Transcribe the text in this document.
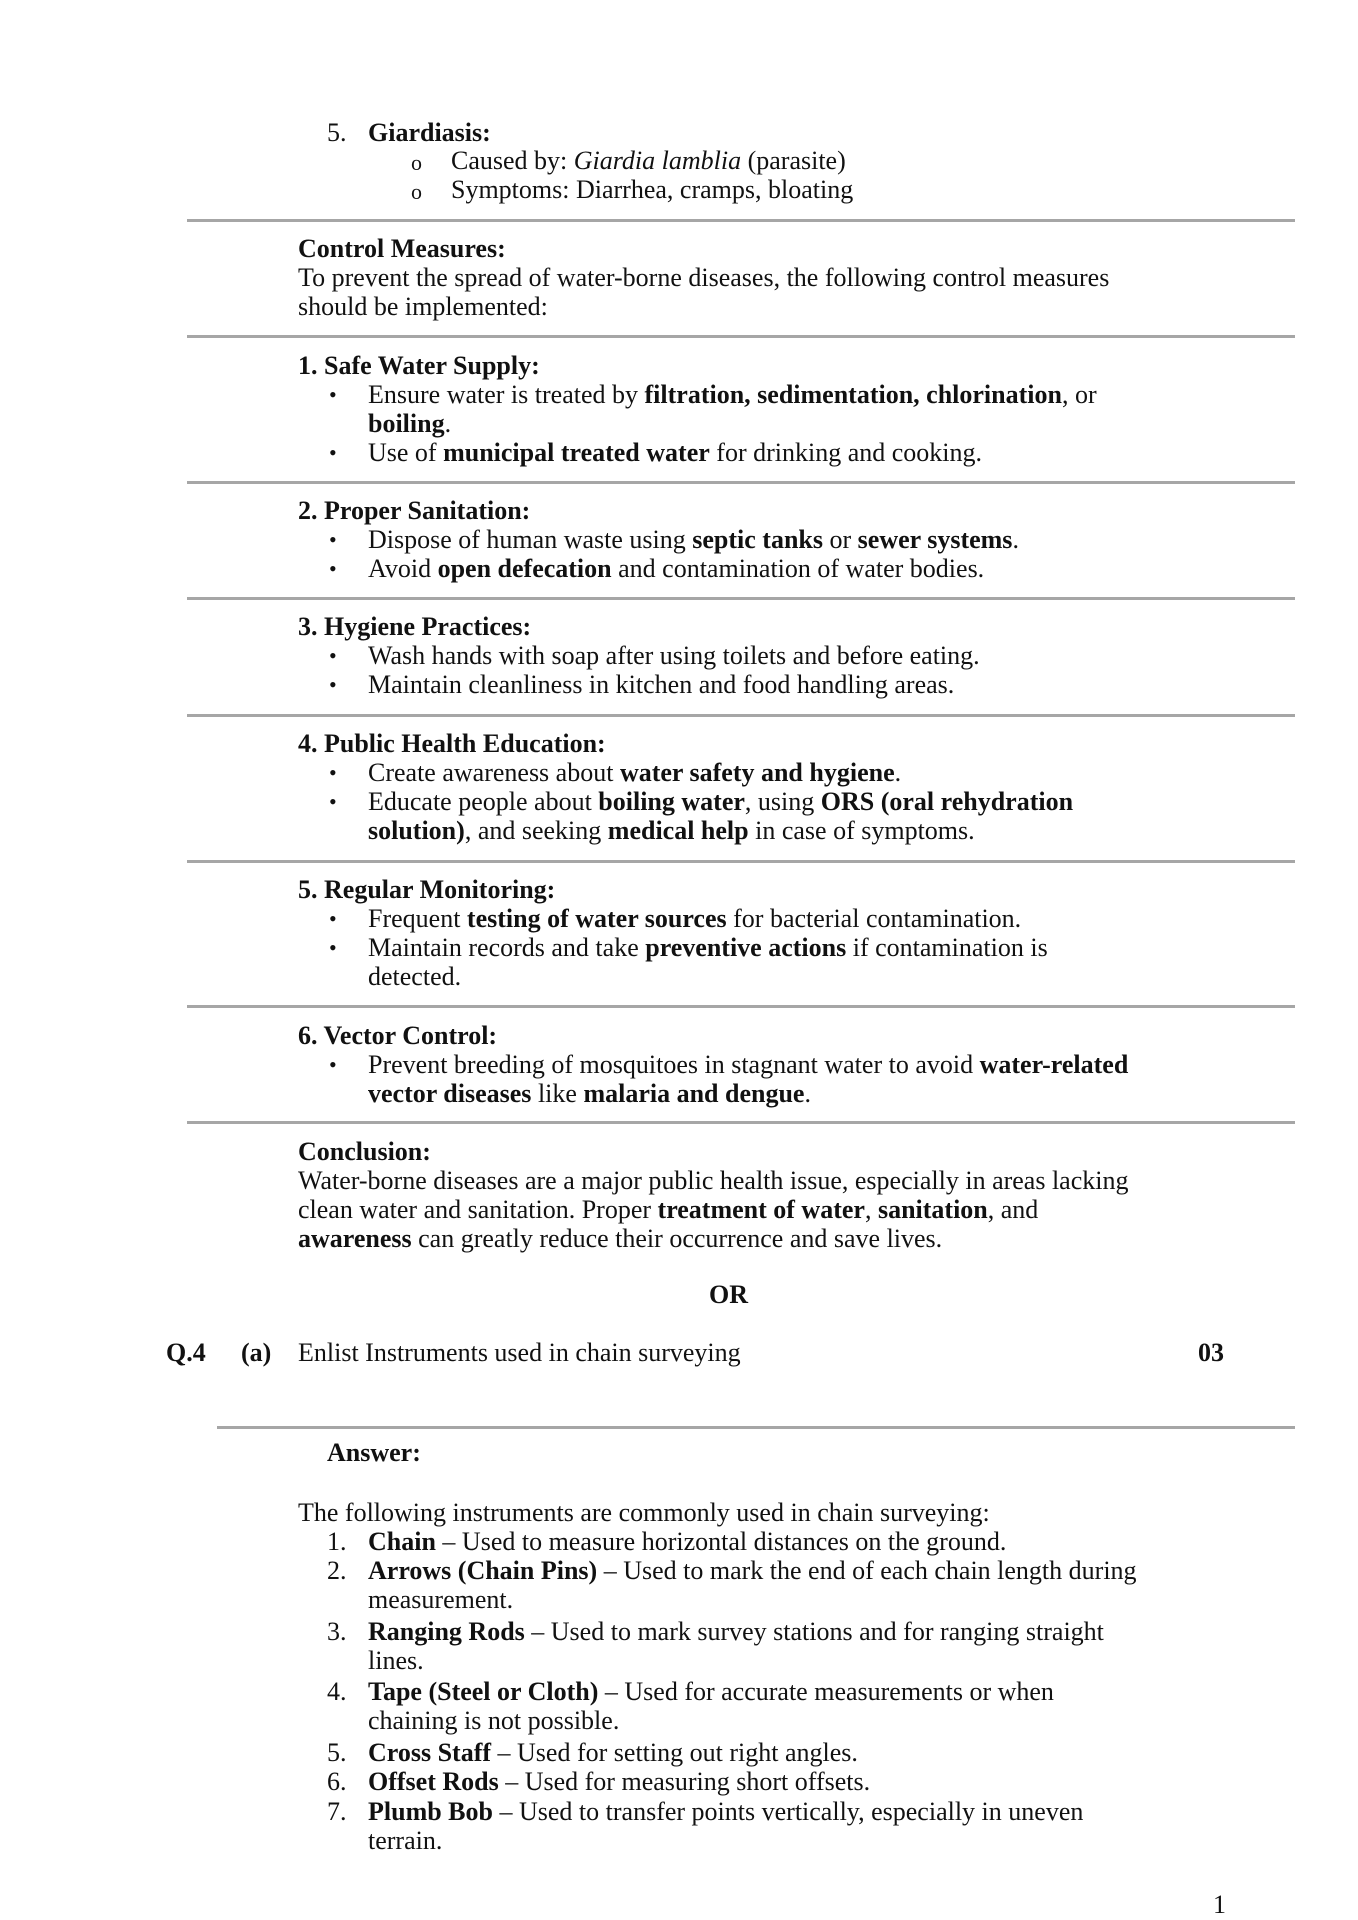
5. Giardiasis:
o Caused by: Giardia lamblia (parasite)
o Symptoms: Diarrhea, cramps, bloating
Control Measures:
To prevent the spread of water-borne diseases, the following control measures
should be implemented:
1. Safe Water Supply:
• Ensure water is treated by filtration, sedimentation, chlorination, or
boiling.
• Use of municipal treated water for drinking and cooking.
2. Proper Sanitation:
• Dispose of human waste using septic tanks or sewer systems.
• Avoid open defecation and contamination of water bodies.
3. Hygiene Practices:
• Wash hands with soap after using toilets and before eating.
• Maintain cleanliness in kitchen and food handling areas.
4. Public Health Education:
• Create awareness about water safety and hygiene.
• Educate people about boiling water, using ORS (oral rehydration
solution), and seeking medical help in case of symptoms.
5. Regular Monitoring:
• Frequent testing of water sources for bacterial contamination.
• Maintain records and take preventive actions if contamination is
detected.
6. Vector Control:
• Prevent breeding of mosquitoes in stagnant water to avoid water-related
vector diseases like malaria and dengue.
Conclusion:
Water-borne diseases are a major public health issue, especially in areas lacking
clean water and sanitation. Proper treatment of water, sanitation, and
awareness can greatly reduce their occurrence and save lives.
OR
Q.4 (a) Enlist Instruments used in chain surveying	03
Answer:
The following instruments are commonly used in chain surveying:
1. Chain – Used to measure horizontal distances on the ground.
2. Arrows (Chain Pins) – Used to mark the end of each chain length during
measurement.
3. Ranging Rods – Used to mark survey stations and for ranging straight
lines.
4. Tape (Steel or Cloth) – Used for accurate measurements or when
chaining is not possible.
5. Cross Staff – Used for setting out right angles.
6. Offset Rods – Used for measuring short offsets.
7. Plumb Bob – Used to transfer points vertically, especially in uneven
terrain.
1
